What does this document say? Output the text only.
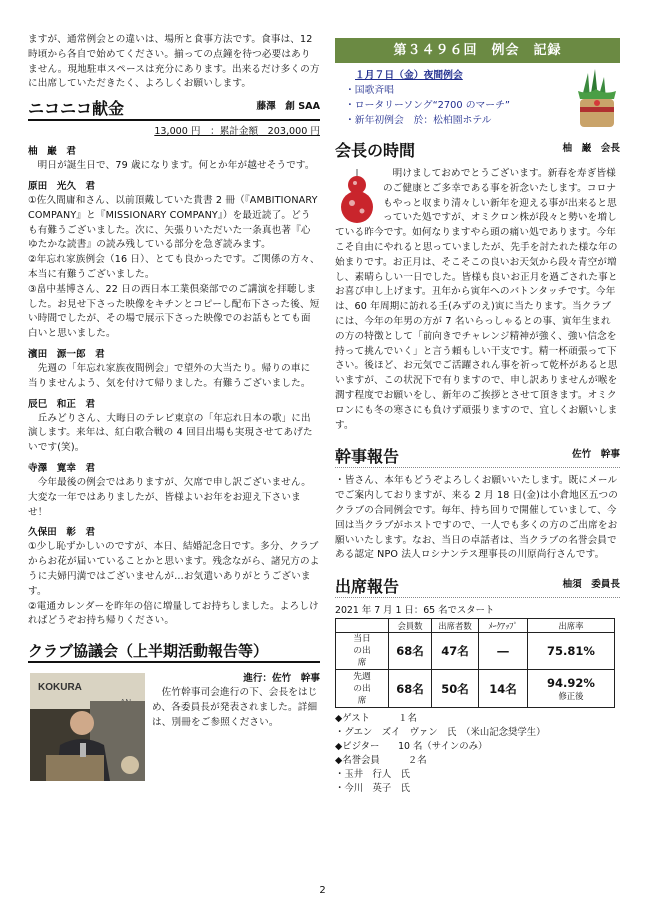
ますが、通常例会との違いは、場所と食事方法です。食事は、12時頃から各自で始めてください。揃っての点鐘を待つ必要はありません。現地駐車スペースは充分にあります。出来るだけ多くの方に出席していただきたく、よろしくお願いします。

ニコニコ献金	藤澤　創 SAA
13,000 円　：累計金額　203,000 円
柚　巌　君

明日が誕生日で、79 歳になります。何とか年が越せそうです。

原田　光久　君

①佐久間庸和さん、以前頂戴していた貴書 2 冊（『AMBITIONARY COMPANY』と『MISSIONARY COMPANY』）を最近読了。どうも有難うございました。次に、矢張りいただいた一条真也著『心ゆたかな読書』の読み残している部分を急ぎ読みます。

②年忘れ家族例会（16 日）、とても良かったです。ご関係の方々、本当に有難うございました。

③畠中基博さん、22 日の西日本工業倶楽部でのご講演を拝聴しました。お見せ下さった映像をキチンとコピーし配布下さった後、短い時間でしたが、その場で展示下さった映像でのお話もとても面白いと思いました。

濱田　源一郎　君

先週の「年忘れ家族夜間例会」で望外の大当たり。帰りの車に当りませんよう、気を付けて帰りました。有難うございました。

辰巳　和正　君

丘みどりさん、大晦日のテレビ東京の「年忘れ日本の歌」に出演します。来年は、紅白歌合戦の 4 回目出場も実現させてあげたいです(笑)。

寺澤　寛幸　君

今年最後の例会ではありますが、欠席で申し訳ございません。大変な一年ではありましたが、皆様よいお年をお迎え下さいませ！

久保田　彰　君

①少し恥ずかしいのですが、本日、結婚記念日です。多分、クラブからお花が届いていることかと思います。残念ながら、諸兄方のように夫婦円満ではございませんが…お気遣いありがとうございます。

②電通カレンダーを昨年の倍に増量してお持ちしました。よろしければどうぞお持ち帰りください。

クラブ協議会（上半期活動報告等）
KOKURA
進行：佐竹　幹事

佐竹幹事司会進行の下、会長をはじめ、各委員長が発表されました。詳細は、別冊をご参照ください。

第３４９６回　例会　記録
１月７日（金）夜間例会
・国歌斉唱
・ロータリーソング“2700 のマーチ”
・新年初例会　於：松柏園ホテル
会長の時間	柚　巌　会長

明けましておめでとうございます。新春を寿ぎ皆様のご健康とご多幸である事を祈念いたします。コロナもやっと収まり清々しい新年を迎える事が出来ると思っていた処ですが、オミクロン株が段々と勢いを増している昨今です。如何なりますやら頭の痛い処であります。今年こそ自由にやれると思っていましたが、先手を討たれた様な年の始まりです。お正月は、そこそこの良いお天気から段々青空が増し、素晴らしい一日でした。皆様も良いお正月を過ごされた事とお喜び申し上げます。丑年から寅年へのバトンタッチです。今年は、60 年周期に訪れる壬(みずのえ)寅に当たります。当クラブには、今年の年男の方が 7 名いらっしゃるとの事、寅年生まれの方の特徴として「前向きでチャレンジ精神が強く、強い信念を持って挑んでいく」と言う頼もしい干支です。精一杯頑張って下さい。後ほど、お元気でご活躍されん事を祈って乾杯があると思いますが、この状況下で有りますので、申し訳ありませんが喉を潤す程度でお願いをし、新年のご挨拶とさせて頂きます。オミクロンにも冬の寒さにも負けず頑張りますので、宜しくお願いします。

幹事報告	佐竹　幹事

・皆さん、本年もどうぞよろしくお願いいたします。既にメールでご案内しておりますが、来る 2 月 18 日(金)は小倉地区五つのクラブの合同例会です。毎年、持ち回りで開催していまして、今回は当クラブがホストですので、一人でも多くの方のご出席をお願いいたします。なお、当日の卓話者は、当クラブの名誉会員である認定 NPO 法人ロシナンテス理事長の川原尚行さんです。

出席報告	柚須　委員長
2021 年 7 月 1 日：65 名でスタート
	会員数	出席者数	ﾒｰｸｱｯﾌﾟ	出席率
当日の出席	68名	47名	―	75.81%
先週の出席	68名	50名	14名	94.92%
修正後
◆ゲスト　　　１名
・グエン　ズイ　ヴァン　氏　（米山記念奨学生）
◆ビジター　　10 名（サインのみ）
◆名誉会員　　　２名
・玉井　行人　氏
・今川　英子　氏
2
